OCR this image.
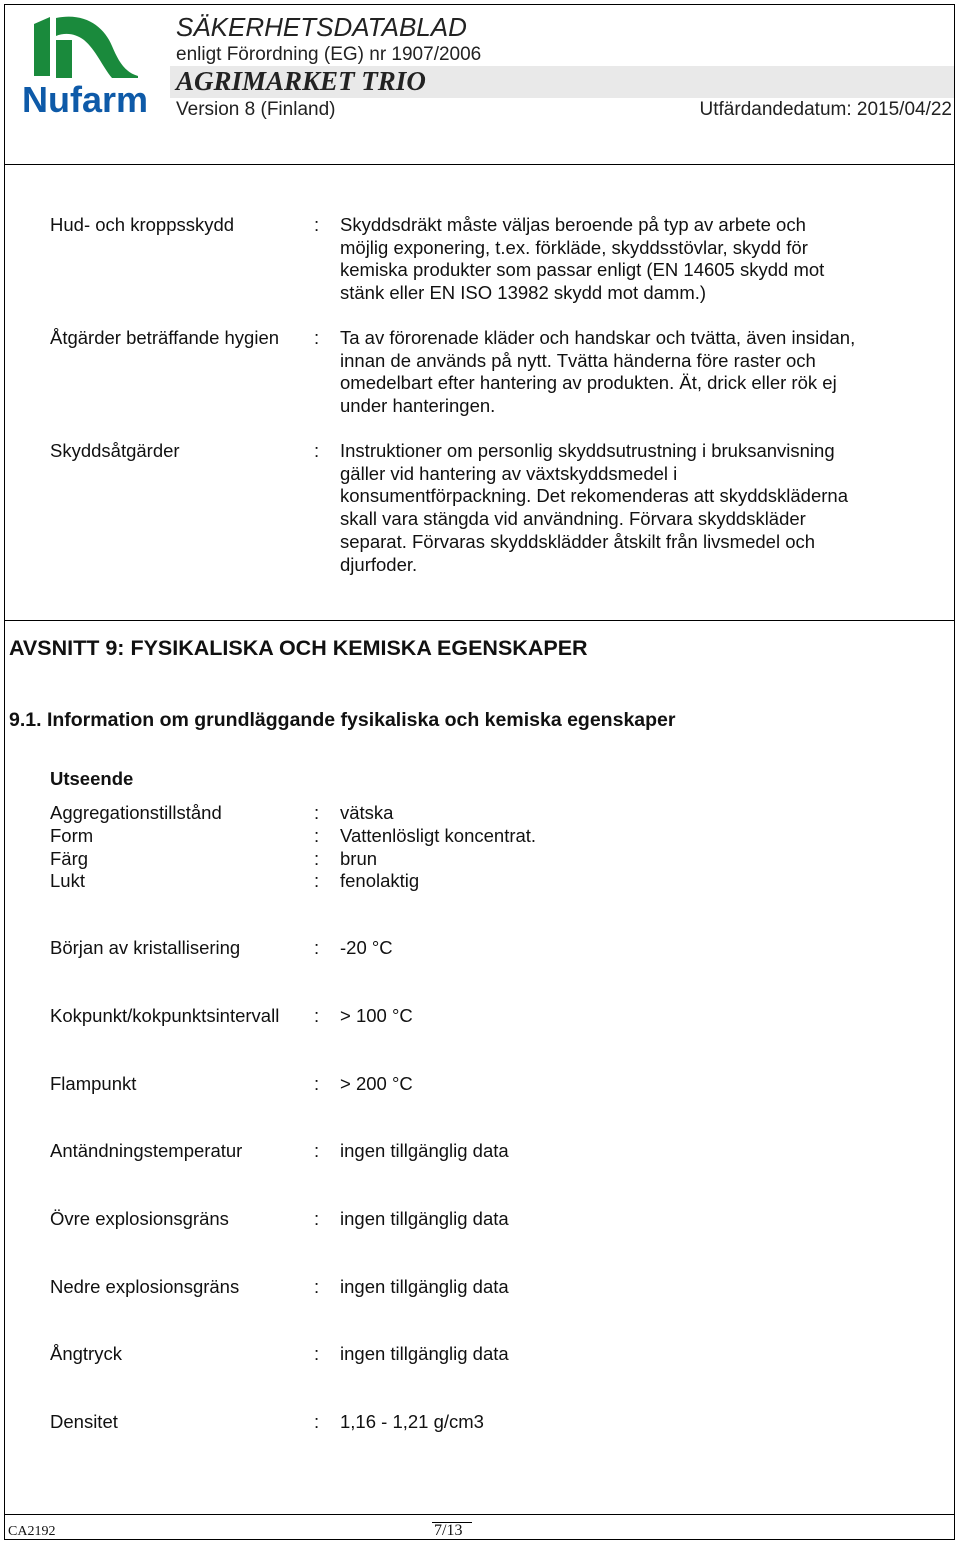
Nufarm
SÄKERHETSDATABLAD
enligt Förordning (EG) nr 1907/2006
AGRIMARKET TRIO
Version 8 (Finland)	Utfärdandedatum: 2015/04/22
Hud- och kroppsskydd	: Skyddsdräkt måste väljas beroende på typ av arbete och
möjlig exponering, t.ex. förkläde, skyddsstövlar, skydd för
kemiska produkter som passar enligt (EN 14605 skydd mot
stänk eller EN ISO 13982 skydd mot damm.)
Åtgärder beträffande hygien : Ta av förorenade kläder och handskar och tvätta, även insidan,
innan de används på nytt. Tvätta händerna före raster och
omedelbart efter hantering av produkten. Ät, drick eller rök ej
under hanteringen.
Skyddsåtgärder	: Instruktioner om personlig skyddsutrustning i bruksanvisning
gäller vid hantering av växtskyddsmedel i
konsumentförpackning. Det rekomenderas att skyddskläderna
skall vara stängda vid användning. Förvara skyddskläder
separat. Förvaras skyddsklädder åtskilt från livsmedel och
djurfoder.
AVSNITT 9: FYSIKALISKA OCH KEMISKA EGENSKAPER
9.1. Information om grundläggande fysikaliska och kemiska egenskaper
Utseende
Aggregationstillstånd	: vätska
Form	: Vattenlösligt koncentrat.
Färg	: brun
Lukt	: fenolaktig
Början av kristallisering	: -20 °C
Kokpunkt/kokpunktsintervall : > 100 °C
Flampunkt	: > 200 °C
Antändningstemperatur	: ingen tillgänglig data
Övre explosionsgräns	: ingen tillgänglig data
Nedre explosionsgräns	: ingen tillgänglig data
Ångtryck	: ingen tillgänglig data
Densitet	: 1,16 - 1,21 g/cm3
CA2192	7/13
